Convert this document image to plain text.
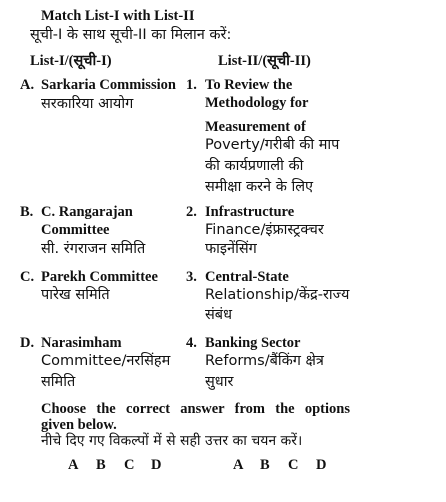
Match List-I with List-II
सूची-I के साथ सूची-II का मिलान करें:
List-I/(सूची-I)	List-II/(सूची-II)
A. Sarkaria Commission
सरकारिया आयोग
1. To Review the
Methodology for
Measurement of
Poverty/गरीबी की माप
की कार्यप्रणाली की
समीक्षा करने के लिए
B. C. Rangarajan
Committee
सी. रंगराजन समिति
2. Infrastructure
Finance/इंफ्रास्ट्रक्चर
फाइनेंसिंग
C. Parekh Committee
पारेख समिति
3. Central-State
Relationship/केंद्र-राज्य
संबंध
D. Narasimham
Committee/नरसिंहम
समिति
4. Banking Sector
Reforms/बैंकिंग क्षेत्र
सुधार
Choose the correct answer from the options
given below.
नीचे दिए गए विकल्पों में से सही उत्तर का चयन करें।
A B C D	A B C D
